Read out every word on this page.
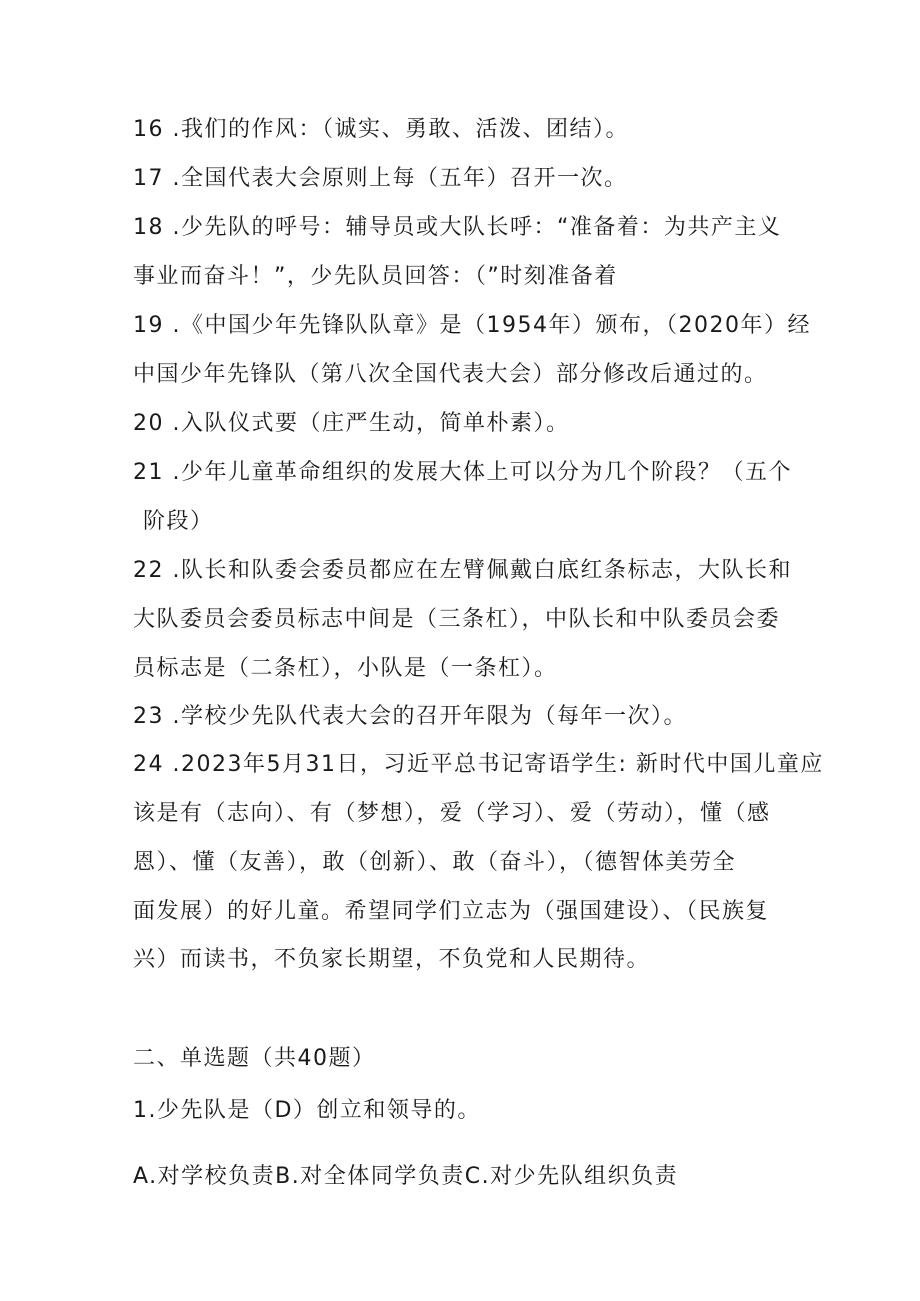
16 .我们的作风：（诚实、勇敢、活泼、团结）。
17 .全国代表大会原则上每（五年）召开一次。
18 .少先队的呼号：辅导员或大队长呼：“准备着：为共产主义
事业而奋斗！”，少先队员回答：（”时刻准备着
19 .《中国少年先锋队队章》是（1954年）颁布，（2020年）经
中国少年先锋队（第八次全国代表大会）部分修改后通过的。
20 .入队仪式要（庄严生动，简单朴素）。
21 .少年儿童革命组织的发展大体上可以分为几个阶段？（五个
阶段）
22 .队长和队委会委员都应在左臂佩戴白底红条标志，大队长和
大队委员会委员标志中间是（三条杠），中队长和中队委员会委
员标志是（二条杠），小队是（一条杠）。
23 .学校少先队代表大会的召开年限为（每年一次）。
24 .2023年5月31日，习近平总书记寄语学生: 新时代中国儿童应
该是有（志向）、有（梦想），爱（学习）、爱（劳动），懂（感
恩）、懂（友善），敢（创新）、敢（奋斗），（德智体美劳全
面发展）的好儿童。希望同学们立志为（强国建设）、（民族复
兴）而读书，不负家长期望，不负党和人民期待。
二、单选题（共40题）
1.少先队是（D）创立和领导的。
A.对学校负责B.对全体同学负责C.对少先队组织负责
